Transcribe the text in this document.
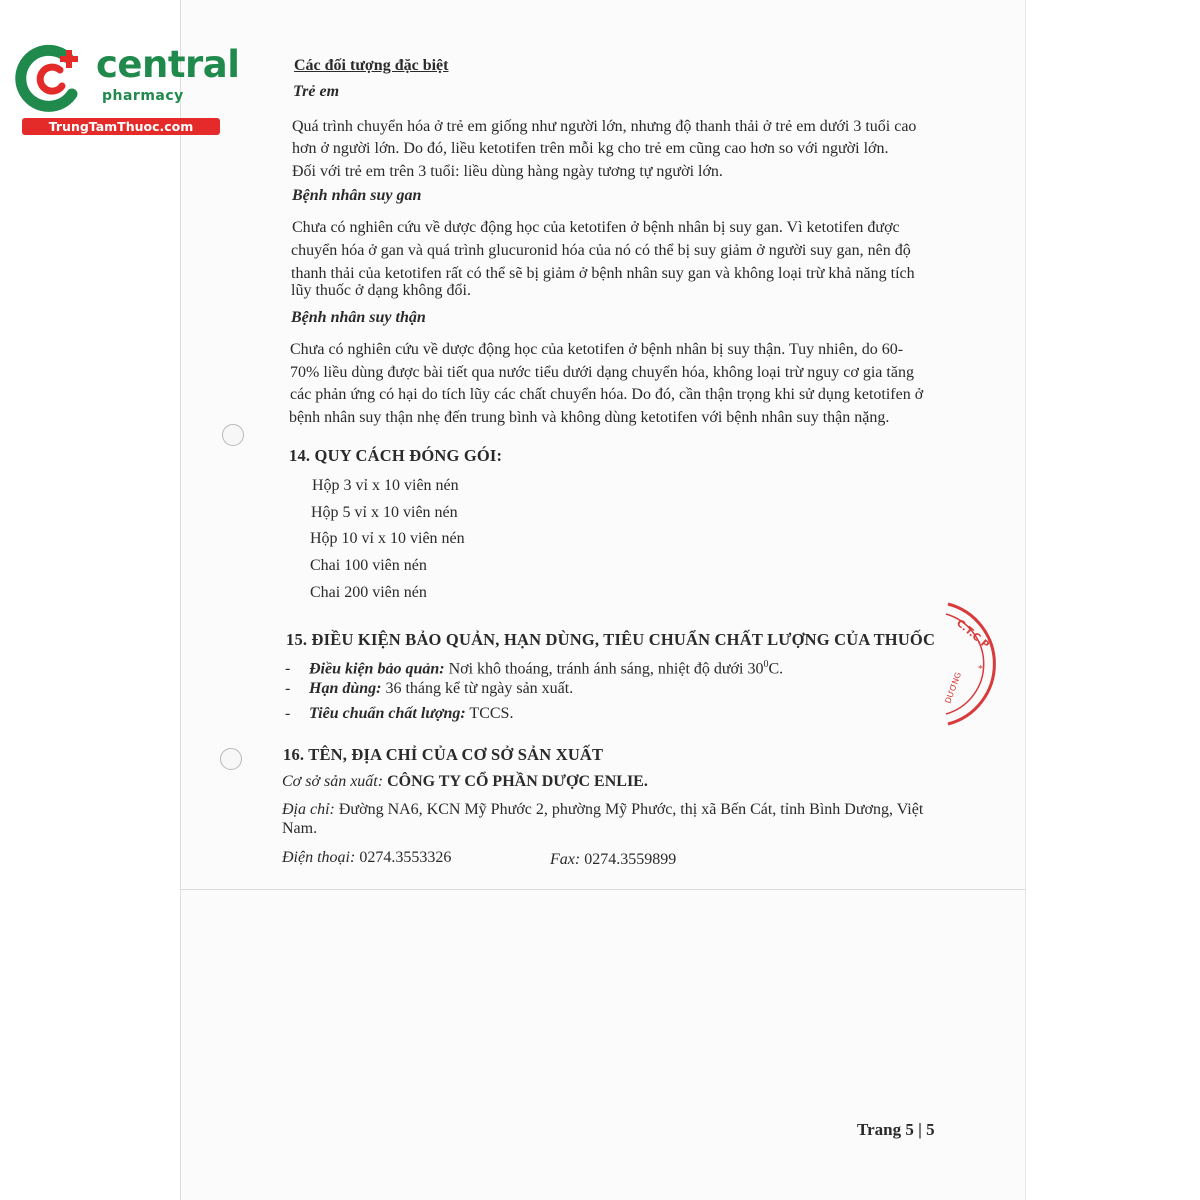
central
pharmacy
TrungTamThuoc.com
C.T.C.P
DƯƠNG
*
Các đối tượng đặc biệt
Trẻ em
Quá trình chuyển hóa ở trẻ em giống như người lớn, nhưng độ thanh thải ở trẻ em dưới 3 tuổi cao
hơn ở người lớn. Do đó, liều ketotifen trên mỗi kg cho trẻ em cũng cao hơn so với người lớn.
Đối với trẻ em trên 3 tuổi: liều dùng hàng ngày tương tự người lớn.
Bệnh nhân suy gan
Chưa có nghiên cứu về dược động học của ketotifen ở bệnh nhân bị suy gan. Vì ketotifen được
chuyển hóa ở gan và quá trình glucuronid hóa của nó có thể bị suy giảm ở người suy gan, nên độ
thanh thải của ketotifen rất có thể sẽ bị giảm ở bệnh nhân suy gan và không loại trừ khả năng tích
lũy thuốc ở dạng không đổi.
Bệnh nhân suy thận
Chưa có nghiên cứu về dược động học của ketotifen ở bệnh nhân bị suy thận. Tuy nhiên, do 60-
70% liều dùng được bài tiết qua nước tiểu dưới dạng chuyển hóa, không loại trừ nguy cơ gia tăng
các phản ứng có hại do tích lũy các chất chuyển hóa. Do đó, cần thận trọng khi sử dụng ketotifen ở
bệnh nhân suy thận nhẹ đến trung bình và không dùng ketotifen với bệnh nhân suy thận nặng.
14. QUY CÁCH ĐÓNG GÓI:
Hộp 3 vỉ x 10 viên nén
Hộp 5 vỉ x 10 viên nén
Hộp 10 vỉ x 10 viên nén
Chai 100 viên nén
Chai 200 viên nén
15. ĐIỀU KIỆN BẢO QUẢN, HẠN DÙNG, TIÊU CHUẨN CHẤT LƯỢNG CỦA THUỐC
- Điều kiện bảo quản: Nơi khô thoáng, tránh ánh sáng, nhiệt độ dưới $30^0C$.
- Hạn dùng: 36 tháng kể từ ngày sản xuất.
- Tiêu chuẩn chất lượng: TCCS.
16. TÊN, ĐỊA CHỈ CỦA CƠ SỞ SẢN XUẤT
Cơ sở sản xuất: CÔNG TY CỔ PHẦN DƯỢC ENLIE.
Địa chỉ: Đường NA6, KCN Mỹ Phước 2, phường Mỹ Phước, thị xã Bến Cát, tỉnh Bình Dương, Việt
Nam.
Điện thoại: 0274.3553326	Fax: 0274.3559899
Trang 5 | 5
